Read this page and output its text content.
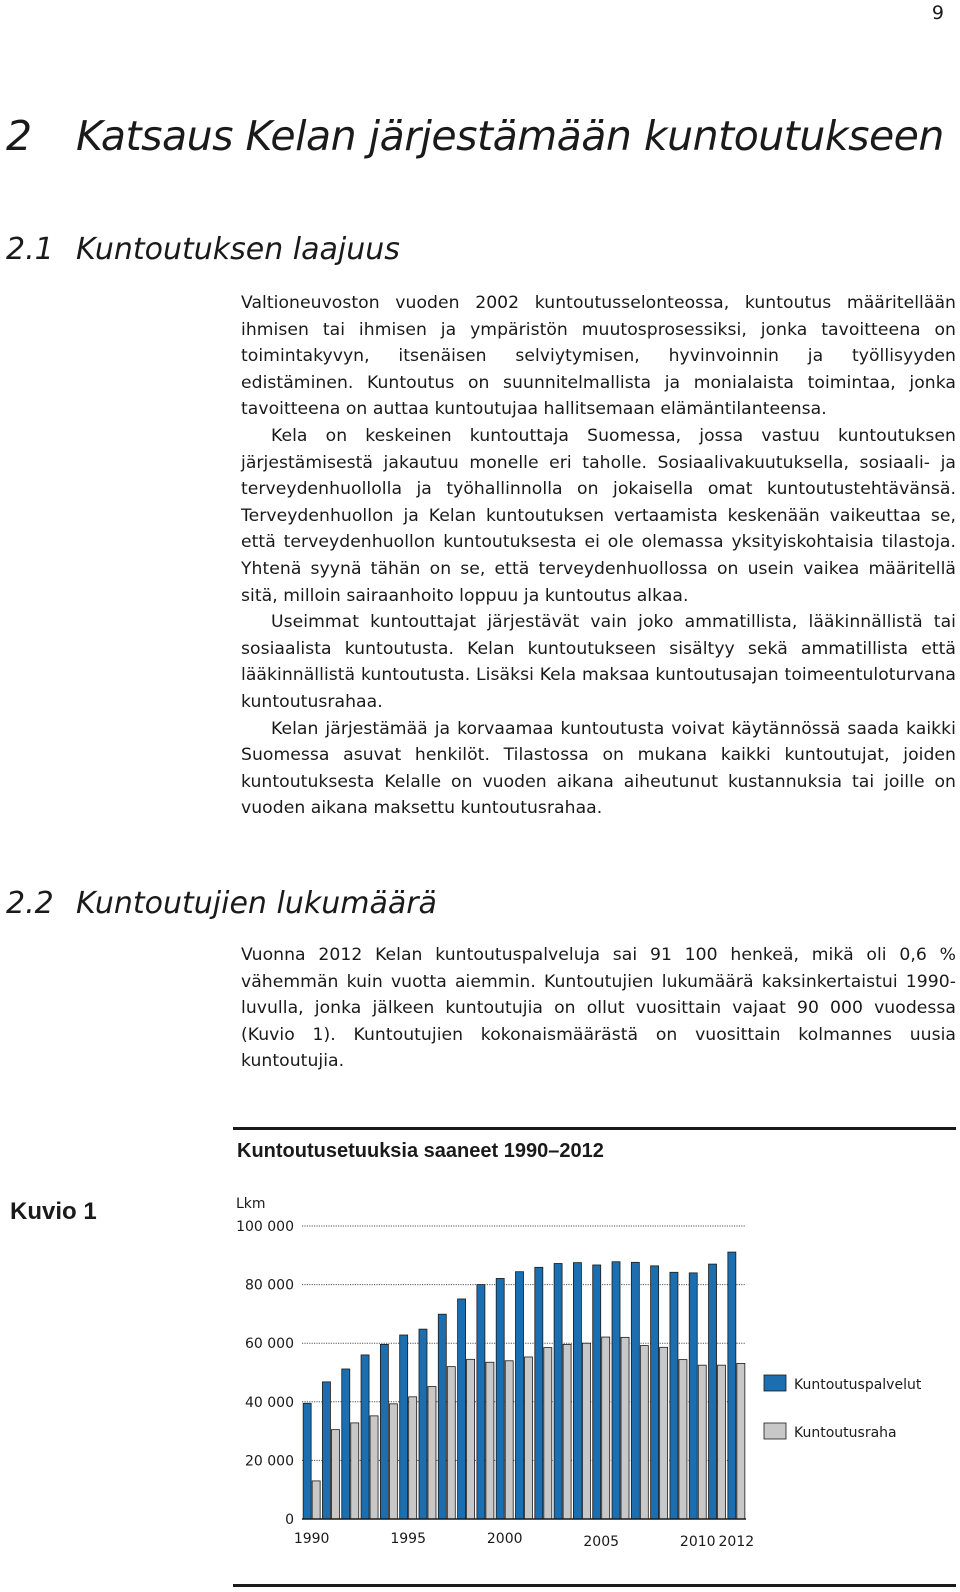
9
2 Katsaus Kelan järjestämään kuntoutukseen
2.1 Kuntoutuksen laajuus

Valtioneuvoston vuoden 2002 kuntoutusselonteossa, kuntoutus määritellään ihmisen tai ihmisen ja ympäristön muutosprosessiksi, jonka tavoitteena on toimintakyvyn, itsenäisen selviytymisen, hyvinvoinnin ja työllisyyden edistäminen. Kuntoutus on suunnitelmallista ja monialaista toimintaa, jonka tavoitteena on auttaa kuntoutujaa hallitsemaan elämäntilanteensa.

Kela on keskeinen kuntouttaja Suomessa, jossa vastuu kuntoutuksen järjestämisestä jakautuu monelle eri taholle. Sosiaalivakuutuksella, sosiaali- ja terveydenhuollolla ja työhallinnolla on jokaisella omat kuntoutustehtävänsä. Terveydenhuollon ja Kelan kuntoutuksen vertaamista keskenään vaikeuttaa se, että terveydenhuollon kuntoutuksesta ei ole olemassa yksityiskohtaisia tilastoja. Yhtenä syynä tähän on se, että terveydenhuollossa on usein vaikea määritellä sitä, milloin sairaanhoito loppuu ja kuntoutus alkaa.

Useimmat kuntouttajat järjestävät vain joko ammatillista, lääkinnällistä tai sosiaalista kuntoutusta. Kelan kuntoutukseen sisältyy sekä ammatillista että lääkinnällistä kuntoutusta. Lisäksi Kela maksaa kuntoutusajan toimeentuloturvana kuntoutusrahaa.

Kelan järjestämää ja korvaamaa kuntoutusta voivat käytännössä saada kaikki Suomessa asuvat henkilöt. Tilastossa on mukana kaikki kuntoutujat, joiden kuntoutuksesta Kelalle on vuoden aikana aiheutunut kustannuksia tai joille on vuoden aikana maksettu kuntoutusrahaa.

2.2 Kuntoutujien lukumäärä

Vuonna 2012 Kelan kuntoutuspalveluja sai 91 100 henkeä, mikä oli 0,6 % vähemmän kuin vuotta aiemmin. Kuntoutujien lukumäärä kaksinkertaistui 1990-luvulla, jonka jälkeen kuntoutujia on ollut vuosittain vajaat 90 000 vuodessa (Kuvio 1). Kuntoutujien kokonaismäärästä on vuosittain kolmannes uusia kuntoutujia.

Kuvio 1
Kuntoutusetuuksia saaneet 1990–2012
Lkm
0
20 000
40 000
60 000
80 000
100 000
1990	1995	2000	2005	2010 2012
Kuntoutuspalvelut
Kuntoutusraha
